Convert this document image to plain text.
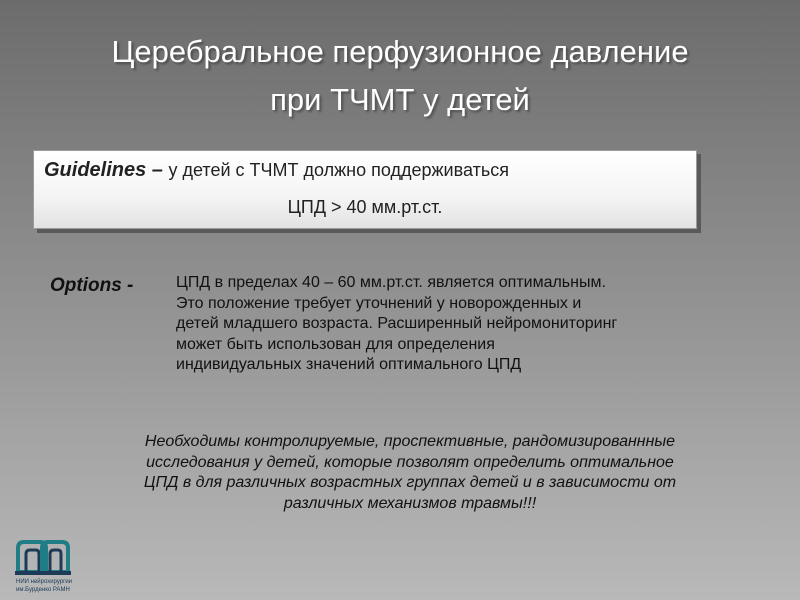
Церебральное перфузионное давление
при ТЧМТ у детей
Guidelines – у детей с ТЧМТ должно поддерживаться
ЦПД > 40 мм.рт.ст.
Options -	ЦПД в пределах 40 – 60 мм.рт.ст. является оптимальным.
Это положение требует уточнений у новорожденных и
детей младшего возраста. Расширенный нейромониторинг
может быть использован для определения
индивидуальных значений оптимального ЦПД
Необходимы контролируемые, проспективные, рандомизированнные
исследования у детей, которые позволят определить оптимальное
ЦПД в для различных возрастных группах детей и в зависимости от
различных механизмов травмы!!!
НИИ нейрохирургии
им.Бурденко РАМН
